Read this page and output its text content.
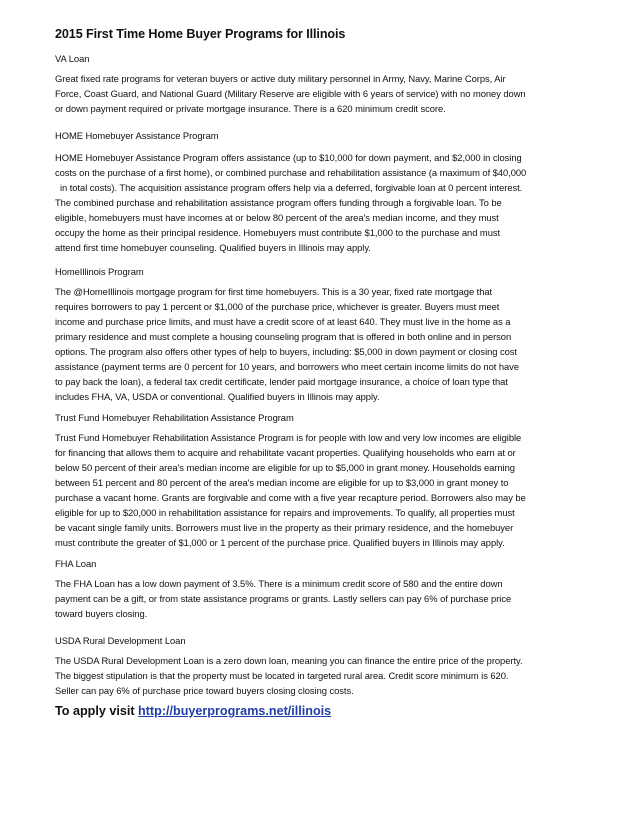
2015 First Time Home Buyer Programs for Illinois
VA Loan
Great fixed rate programs for veteran buyers or active duty military personnel in Army, Navy, Marine Corps, Air
Force, Coast Guard, and National Guard (Military Reserve are eligible with 6 years of service) with no money down
or down payment required or private mortgage insurance. There is a 620 minimum credit score.
HOME Homebuyer Assistance Program
HOME Homebuyer Assistance Program offers assistance (up to $10,000 for down payment, and $2,000 in closing
costs on the purchase of a first home), or combined purchase and rehabilitation assistance (a maximum of $40,000
in total costs). The acquisition assistance program offers help via a deferred, forgivable loan at 0 percent interest.
The combined purchase and rehabilitation assistance program offers funding through a forgivable loan. To be
eligible, homebuyers must have incomes at or below 80 percent of the area's median income, and they must
occupy the home as their principal residence. Homebuyers must contribute $1,000 to the purchase and must
attend first time homebuyer counseling. Qualified buyers in Illinois may apply.
HomeIllinois Program
The @HomeIllinois mortgage program for first time homebuyers. This is a 30 year, fixed rate mortgage that
requires borrowers to pay 1 percent or $1,000 of the purchase price, whichever is greater. Buyers must meet
income and purchase price limits, and must have a credit score of at least 640. They must live in the home as a
primary residence and must complete a housing counseling program that is offered in both online and in person
options. The program also offers other types of help to buyers, including: $5,000 in down payment or closing cost
assistance (payment terms are 0 percent for 10 years, and borrowers who meet certain income limits do not have
to pay back the loan), a federal tax credit certificate, lender paid mortgage insurance, a choice of loan type that
includes FHA, VA, USDA or conventional. Qualified buyers in Illinois may apply.
Trust Fund Homebuyer Rehabilitation Assistance Program
Trust Fund Homebuyer Rehabilitation Assistance Program is for people with low and very low incomes are eligible
for financing that allows them to acquire and rehabilitate vacant properties. Qualifying households who earn at or
below 50 percent of their area's median income are eligible for up to $5,000 in grant money. Households earning
between 51 percent and 80 percent of the area's median income are eligible for up to $3,000 in grant money to
purchase a vacant home. Grants are forgivable and come with a five year recapture period. Borrowers also may be
eligible for up to $20,000 in rehabilitation assistance for repairs and improvements. To qualify, all properties must
be vacant single family units. Borrowers must live in the property as their primary residence, and the homebuyer
must contribute the greater of $1,000 or 1 percent of the purchase price. Qualified buyers in Illinois may apply.
FHA Loan
The FHA Loan has a low down payment of 3.5%. There is a minimum credit score of 580 and the entire down
payment can be a gift, or from state assistance programs or grants. Lastly sellers can pay 6% of purchase price
toward buyers closing.
USDA Rural Development Loan
The USDA Rural Development Loan is a zero down loan, meaning you can finance the entire price of the property.
The biggest stipulation is that the property must be located in targeted rural area. Credit score minimum is 620.
Seller can pay 6% of purchase price toward buyers closing closing costs.
To apply visit http://buyerprograms.net/illinois
